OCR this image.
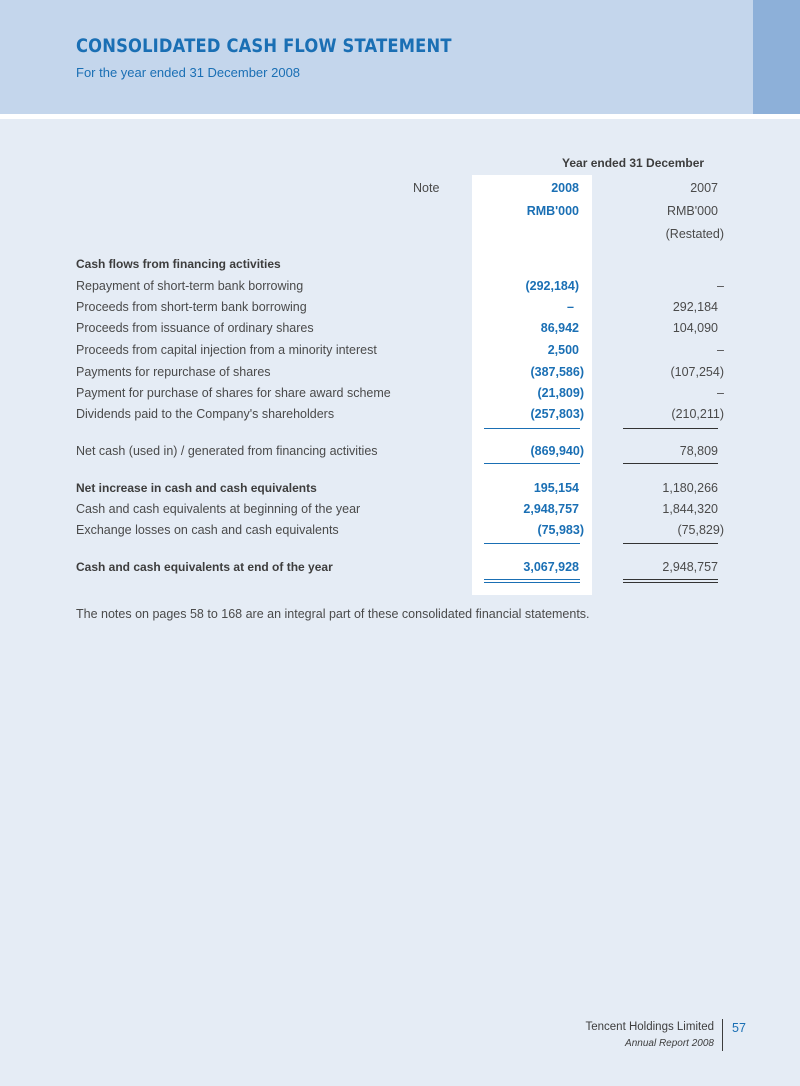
CONSOLIDATED CASH FLOW STATEMENT

For the year ended 31 December 2008

Year ended 31 December
Note	2008	2007
RMB'000	RMB'000
(Restated)
Cash flows from financing activities
Repayment of short-term bank borrowing	(292,184)	–
Proceeds from short-term bank borrowing	–	292,184
Proceeds from issuance of ordinary shares	86,942	104,090
Proceeds from capital injection from a minority interest	2,500	–
Payments for repurchase of shares	(387,586)	(107,254)
Payment for purchase of shares for share award scheme	(21,809)	–
Dividends paid to the Company's shareholders	(257,803)	(210,211)
Net cash (used in) / generated from financing activities	(869,940)	78,809
Net increase in cash and cash equivalents	195,154	1,180,266
Cash and cash equivalents at beginning of the year	2,948,757	1,844,320
Exchange losses on cash and cash equivalents	(75,983)	(75,829)
Cash and cash equivalents at end of the year	3,067,928	2,948,757
The notes on pages 58 to 168 are an integral part of these consolidated financial statements.
Tencent Holdings Limited
Annual Report 2008
57
